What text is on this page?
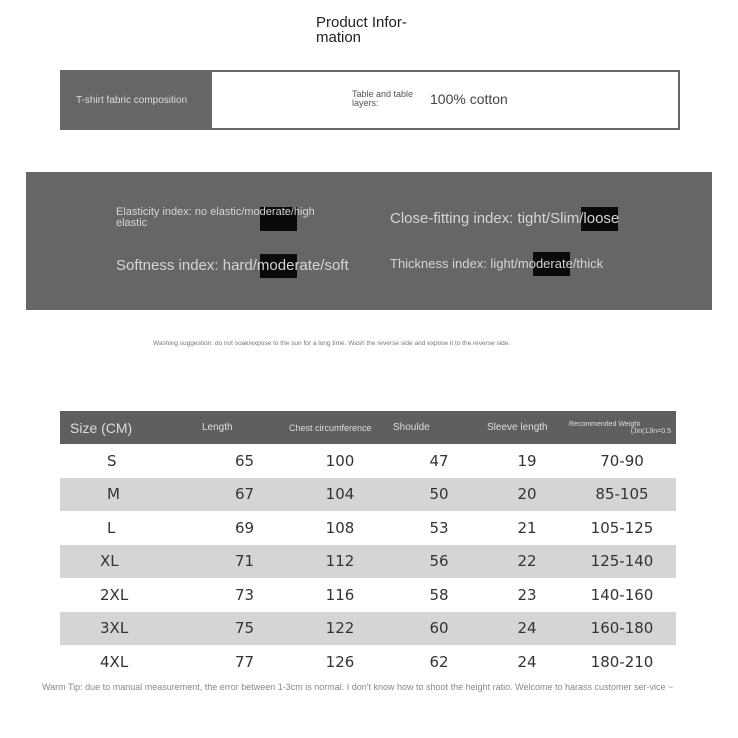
Product Infor-
mation
T-shirt fabric composition
Table and table layers:	100% cotton
Elasticity index: no elastic/moderate/high elastic	Close-fitting index: tight/Slim/loose
Softness index: hard/moderate/soft	Thickness index: light/moderate/thick
Washing suggestion: do not soak/expose to the sun for a long time. Wash the reverse side and expose it to the reverse side.
Size (CM)	Length	Chest circumference	Shoulde	Sleeve length	Recommended Weight
(Jin(1Jin=0.5

S	65	100	47	19	70-90
M	67	104	50	20	85-105
L	69	108	53	21	105-125
XL	71	112	56	22	125-140
2XL	73	116	58	23	140-160
3XL	75	122	60	24	160-180
4XL	77	126	62	24	180-210
Warm Tip: due to manual measurement, the error between 1-3cm is normal. I don't know how to shoot the height ratio. Welcome to harass customer ser-vice ~
